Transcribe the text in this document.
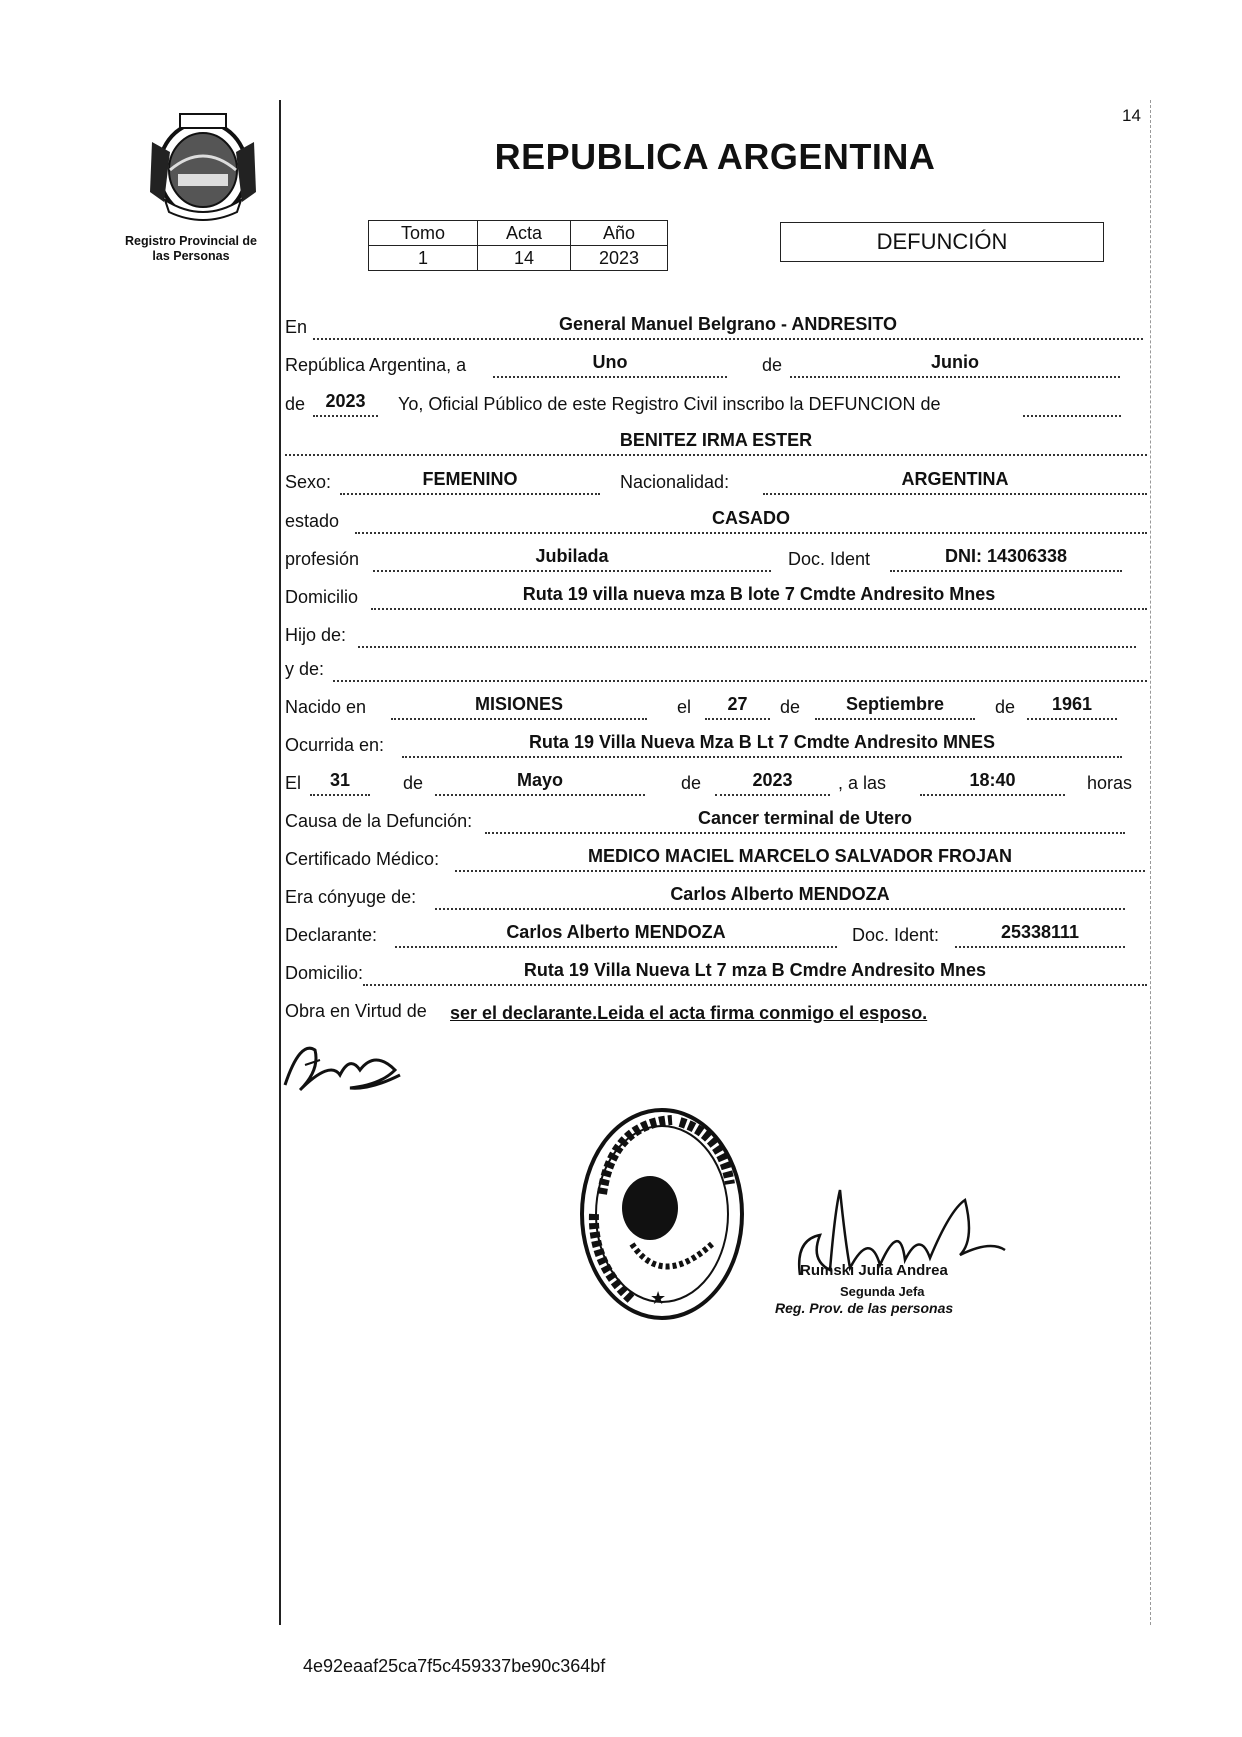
14
Registro Provincial de
las Personas
REPUBLICA ARGENTINA
Tomo	Acta	Año
1	14	2023
DEFUNCIÓN
En	General Manuel Belgrano - ANDRESITO
República Argentina, a	Uno	de	Junio
de	2023	Yo, Oficial Público de este Registro Civil inscribo la DEFUNCION de
BENITEZ IRMA ESTER
Sexo:	FEMENINO	Nacionalidad:	ARGENTINA
estado	CASADO
profesión	Jubilada	Doc. Ident	DNI: 14306338
Domicilio	Ruta 19 villa nueva mza B lote 7 Cmdte Andresito Mnes
Hijo de:
y de:
Nacido en	MISIONES	el	27	de	Septiembre	de	1961
Ocurrida en:	Ruta 19 Villa Nueva Mza B Lt 7 Cmdte Andresito MNES
El	31	de	Mayo	de	2023	, a las	18:40	horas
Causa de la Defunción:	Cancer terminal de Utero
Certificado Médico:	MEDICO MACIEL MARCELO SALVADOR FROJAN
Era cónyuge de:	Carlos Alberto MENDOZA
Declarante:	Carlos Alberto MENDOZA	Doc. Ident:	25338111
Domicilio:	Ruta 19 Villa Nueva Lt 7 mza B Cmdre Andresito Mnes
Obra en Virtud de ser el declarante.Leida el acta firma conmigo el esposo.
★
Rumski Julia Andrea
Segunda Jefa
Reg. Prov. de las personas
4e92eaaf25ca7f5c459337be90c364bf
